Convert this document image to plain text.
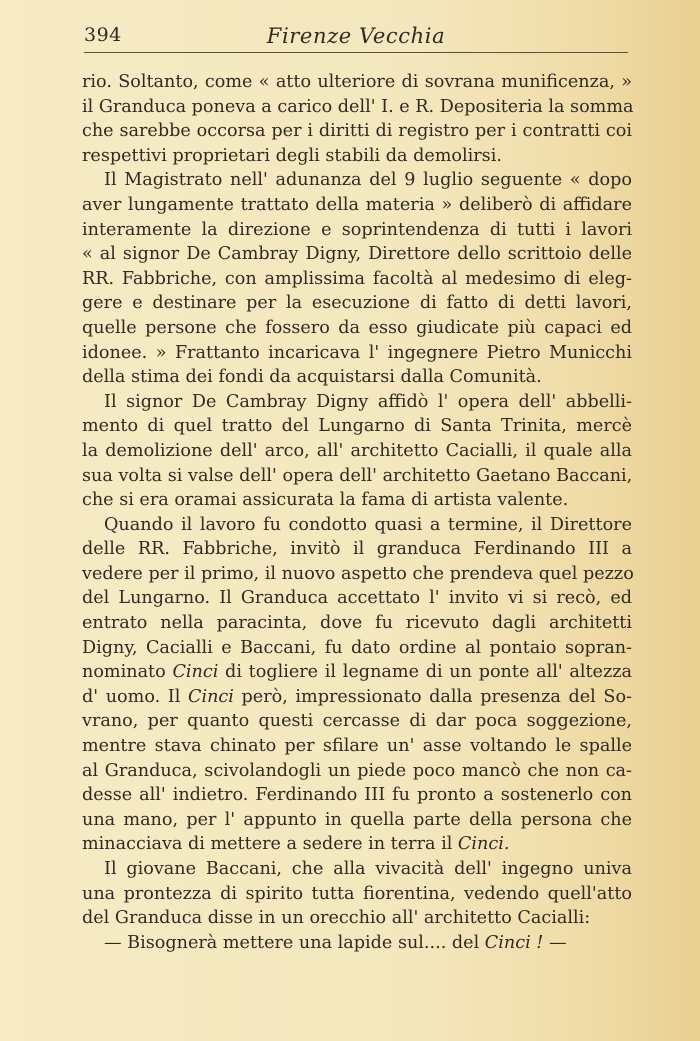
394	Firenze Vecchia
rio. Soltanto, come « atto ulteriore di sovrana munificenza, »
il Granduca poneva a carico dell' I. e R. Depositeria la somma
che sarebbe occorsa per i diritti di registro per i contratti coi
respettivi proprietari degli stabili da demolirsi.
Il Magistrato nell' adunanza del 9 luglio seguente « dopo
aver lungamente trattato della materia » deliberò di affidare
interamente la direzione e soprintendenza di tutti i lavori
« al signor De Cambray Digny, Direttore dello scrittoio delle
RR. Fabbriche, con amplissima facoltà al medesimo di eleg-
gere e destinare per la esecuzione di fatto di detti lavori,
quelle persone che fossero da esso giudicate più capaci ed
idonee. » Frattanto incaricava l' ingegnere Pietro Municchi
della stima dei fondi da acquistarsi dalla Comunità.
Il signor De Cambray Digny affidò l' opera dell' abbelli-
mento di quel tratto del Lungarno di Santa Trinita, mercè
la demolizione dell' arco, all' architetto Cacialli, il quale alla
sua volta si valse dell' opera dell' architetto Gaetano Baccani,
che si era oramai assicurata la fama di artista valente.
Quando il lavoro fu condotto quasi a termine, il Direttore
delle RR. Fabbriche, invitò il granduca Ferdinando III a
vedere per il primo, il nuovo aspetto che prendeva quel pezzo
del Lungarno. Il Granduca accettato l' invito vi si recò, ed
entrato nella paracinta, dove fu ricevuto dagli architetti
Digny, Cacialli e Baccani, fu dato ordine al pontaio sopran-
nominato Cinci di togliere il legname di un ponte all' altezza
d' uomo. Il Cinci però, impressionato dalla presenza del So-
vrano, per quanto questi cercasse di dar poca soggezione,
mentre stava chinato per sfilare un' asse voltando le spalle
al Granduca, scivolandogli un piede poco mancò che non ca-
desse all' indietro. Ferdinando III fu pronto a sostenerlo con
una mano, per l' appunto in quella parte della persona che
minacciava di mettere a sedere in terra il Cinci.
Il giovane Baccani, che alla vivacità dell' ingegno univa
una prontezza di spirito tutta fiorentina, vedendo quell'atto
del Granduca disse in un orecchio all' architetto Cacialli:
— Bisognerà mettere una lapide sul.... del Cinci ! —
